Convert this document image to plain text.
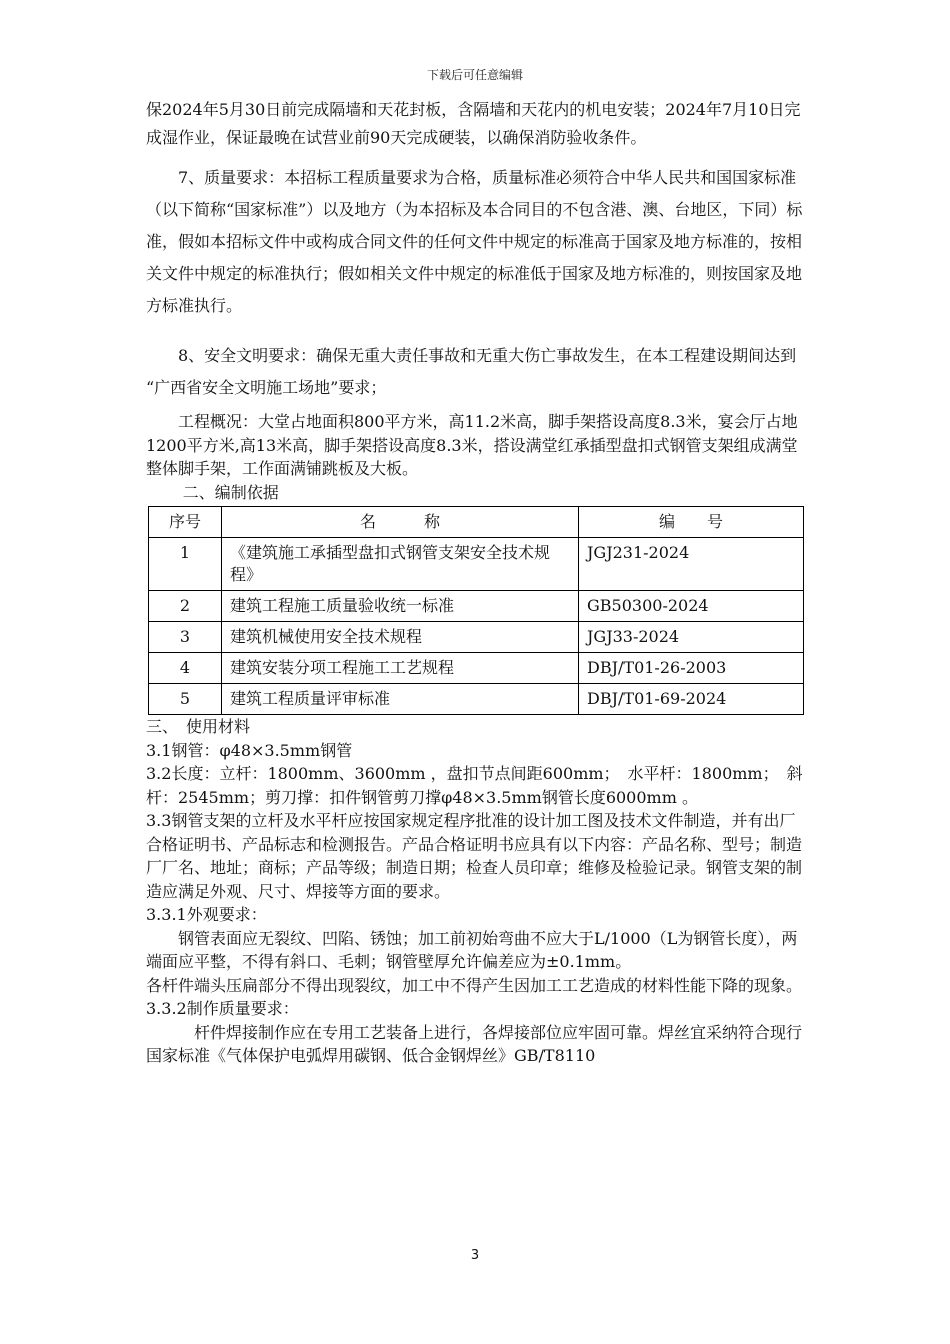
下载后可任意编辑

保2024年5月30日前完成隔墙和天花封板，含隔墙和天花内的机电安装；2024年7月10日完成湿作业，保证最晚在试营业前90天完成硬装，以确保消防验收条件。

7、质量要求：本招标工程质量要求为合格，质量标准必须符合中华人民共和国国家标准（以下简称“国家标准”）以及地方（为本招标及本合同目的不包含港、澳、台地区，下同）标准，假如本招标文件中或构成合同文件的任何文件中规定的标准高于国家及地方标准的，按相关文件中规定的标准执行；假如相关文件中规定的标准低于国家及地方标准的，则按国家及地方标准执行。

8、安全文明要求：确保无重大责任事故和无重大伤亡事故发生，在本工程建设期间达到 “广西省安全文明施工场地”要求；

工程概况：大堂占地面积800平方米，高11.2米高，脚手架搭设高度8.3米，宴会厅占地1200平方米,高13米高，脚手架搭设高度8.3米，搭设满堂红承插型盘扣式钢管支架组成满堂整体脚手架，工作面满铺跳板及大板。

二、编制依据

序号	名　　　称	编　　号
1	《建筑施工承插型盘扣式钢管支架安全技术规程》	JGJ231-2024
2	建筑工程施工质量验收统一标准	GB50300-2024
3	建筑机械使用安全技术规程	JGJ33-2024
4	建筑安装分项工程施工工艺规程	DBJ/T01-26-2003
5	建筑工程质量评审标准	DBJ/T01-69-2024

三、　使用材料

3.1钢管：φ48×3.5mm钢管

3.2长度：立杆：1800mm、3600mm ，盘扣节点间距600mm；　水平杆：1800mm；　斜杆：2545mm；剪刀撑：扣件钢管剪刀撑φ48×3.5mm钢管长度6000mm 。

3.3钢管支架的立杆及水平杆应按国家规定程序批准的设计加工图及技术文件制造，并有出厂合格证明书、产品标志和检测报告。产品合格证明书应具有以下内容：产品名称、型号；制造厂厂名、地址；商标；产品等级；制造日期；检查人员印章；维修及检验记录。钢管支架的制造应满足外观、尺寸、焊接等方面的要求。

3.3.1外观要求：

钢管表面应无裂纹、凹陷、锈蚀；加工前初始弯曲不应大于L/1000（L为钢管长度），两端面应平整，不得有斜口、毛刺；钢管壁厚允许偏差应为±0.1mm。

各杆件端头压扁部分不得出现裂纹，加工中不得产生因加工工艺造成的材料性能下降的现象。

3.3.2制作质量要求：

杆件焊接制作应在专用工艺装备上进行，各焊接部位应牢固可靠。焊丝宜采纳符合现行国家标准《气体保护电弧焊用碳钢、低合金钢焊丝》GB/T8110

3
